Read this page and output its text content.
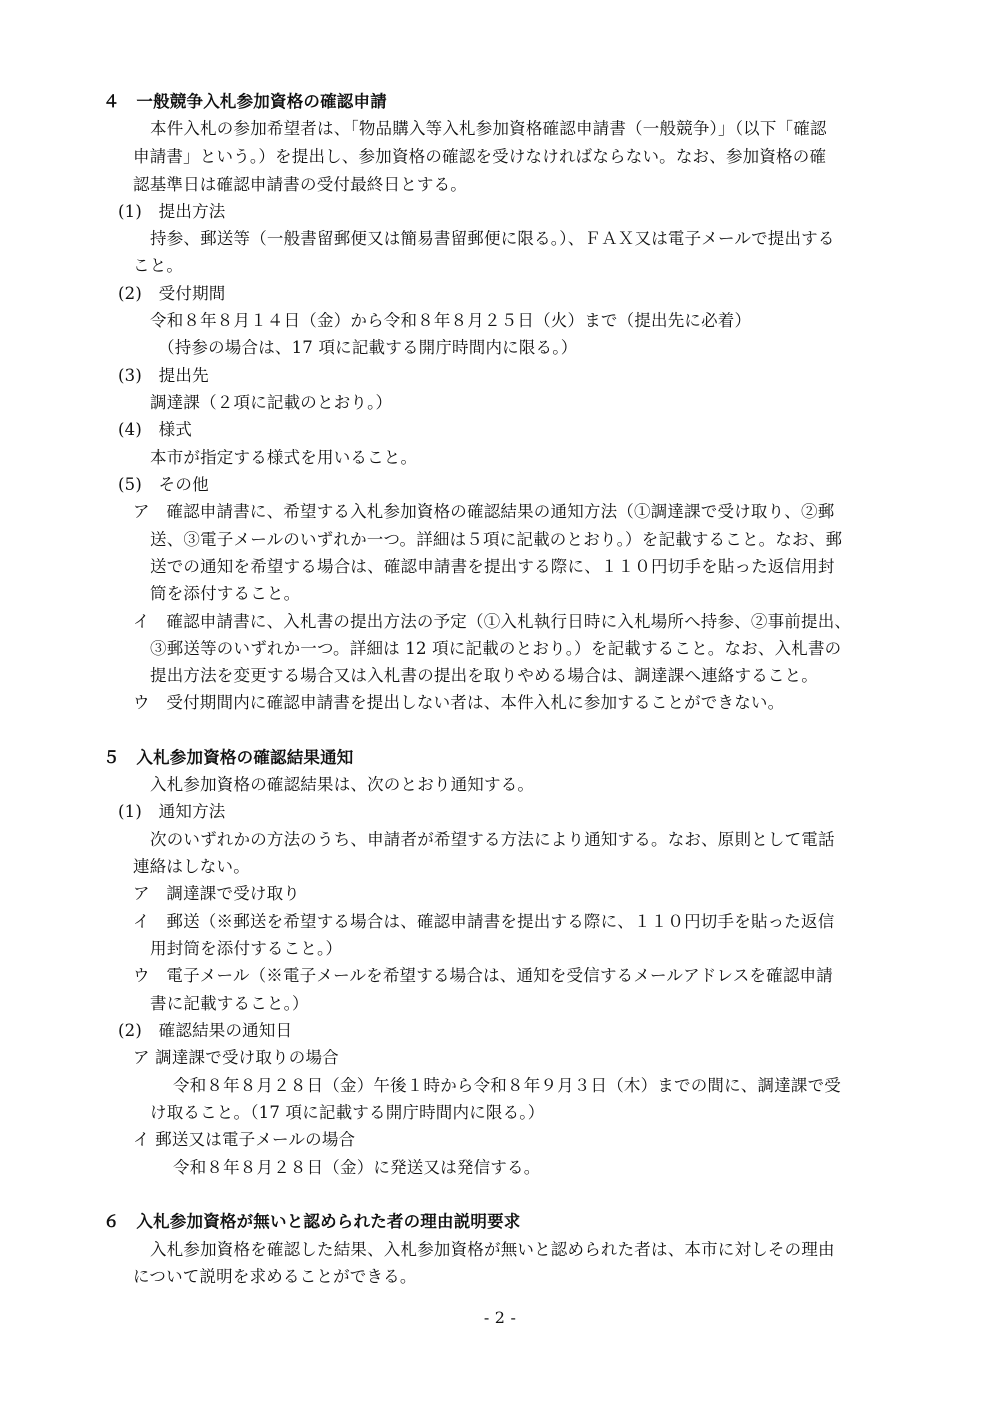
４　一般競争入札参加資格の確認申請
本件入札の参加希望者は、「物品購入等入札参加資格確認申請書（一般競争）」（以下「確認
申請書」という。）を提出し、参加資格の確認を受けなければならない。なお、参加資格の確
認基準日は確認申請書の受付最終日とする。
(1)　提出方法
持参、郵送等（一般書留郵便又は簡易書留郵便に限る。）、ＦＡＸ又は電子メールで提出する
こと。
(2)　受付期間
令和８年８月１４日（金）から令和８年８月２５日（火）まで（提出先に必着）
（持参の場合は、17 項に記載する開庁時間内に限る。）
(3)　提出先
調達課（２項に記載のとおり。）
(4)　様式
本市が指定する様式を用いること。
(5)　その他
ア　確認申請書に、希望する入札参加資格の確認結果の通知方法（①調達課で受け取り、②郵
送、③電子メールのいずれか一つ。詳細は５項に記載のとおり。）を記載すること。なお、郵
送での通知を希望する場合は、確認申請書を提出する際に、１１０円切手を貼った返信用封
筒を添付すること。
イ　確認申請書に、入札書の提出方法の予定（①入札執行日時に入札場所へ持参、②事前提出、
③郵送等のいずれか一つ。詳細は 12 項に記載のとおり。）を記載すること。なお、入札書の
提出方法を変更する場合又は入札書の提出を取りやめる場合は、調達課へ連絡すること。
ウ　受付期間内に確認申請書を提出しない者は、本件入札に参加することができない。
５　入札参加資格の確認結果通知
入札参加資格の確認結果は、次のとおり通知する。
(1)　通知方法
次のいずれかの方法のうち、申請者が希望する方法により通知する。なお、原則として電話
連絡はしない。
ア　調達課で受け取り
イ　郵送（※郵送を希望する場合は、確認申請書を提出する際に、１１０円切手を貼った返信
用封筒を添付すること。）
ウ　電子メール（※電子メールを希望する場合は、通知を受信するメールアドレスを確認申請
書に記載すること。）
(2)　確認結果の通知日
ア 調達課で受け取りの場合
令和８年８月２８日（金）午後１時から令和８年９月３日（木）までの間に、調達課で受
け取ること。（17 項に記載する開庁時間内に限る。）
イ 郵送又は電子メールの場合
令和８年８月２８日（金）に発送又は発信する。
６　入札参加資格が無いと認められた者の理由説明要求
入札参加資格を確認した結果、入札参加資格が無いと認められた者は、本市に対しその理由
について説明を求めることができる。
- 2 -
